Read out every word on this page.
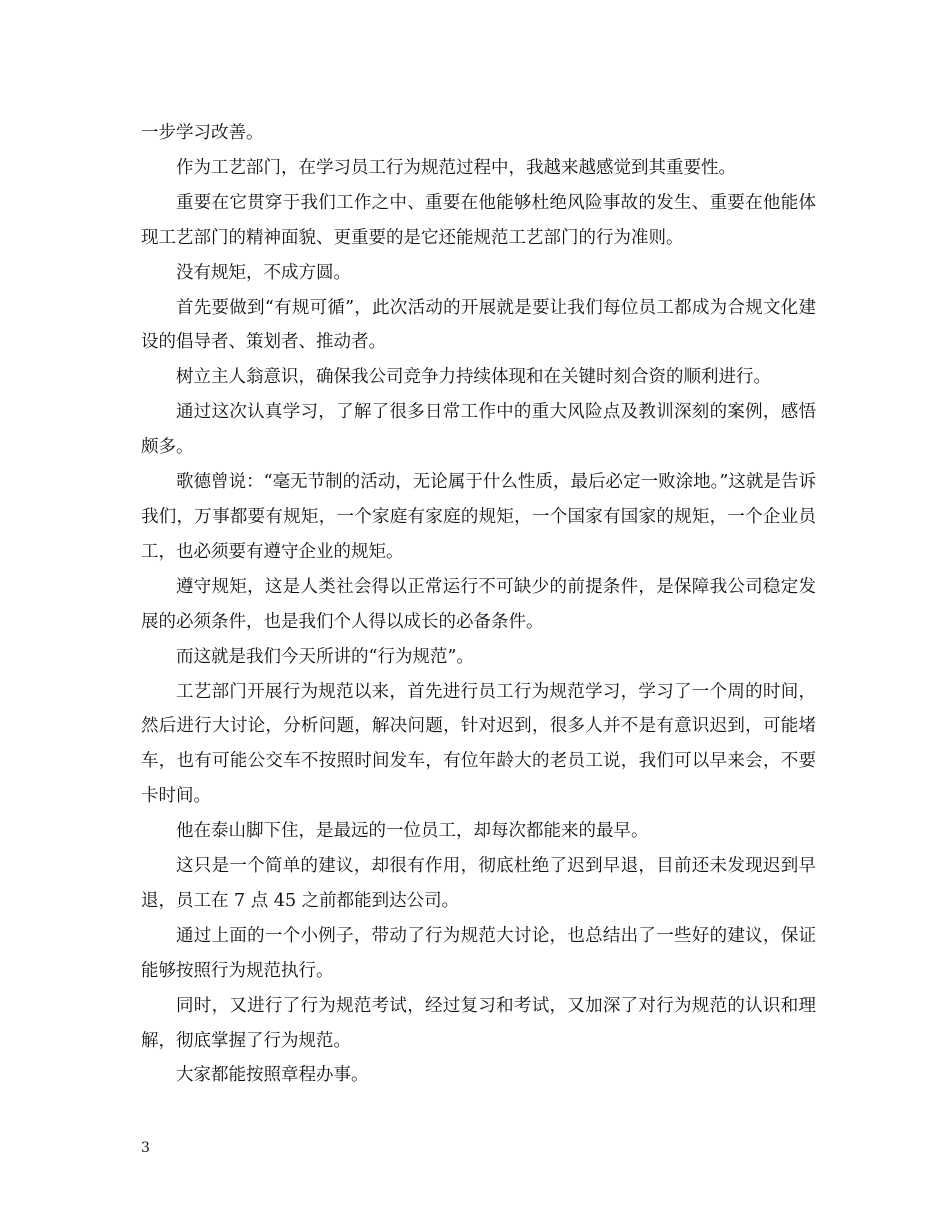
一步学习改善。

作为工艺部门，在学习员工行为规范过程中，我越来越感觉到其重要性。

重要在它贯穿于我们工作之中、重要在他能够杜绝风险事故的发生、重要在他能体现工艺部门的精神面貌、更重要的是它还能规范工艺部门的行为准则。

没有规矩，不成方圆。

首先要做到“有规可循”，此次活动的开展就是要让我们每位员工都成为合规文化建设的倡导者、策划者、推动者。

树立主人翁意识，确保我公司竞争力持续体现和在关键时刻合资的顺利进行。

通过这次认真学习，了解了很多日常工作中的重大风险点及教训深刻的案例，感悟颇多。

歌德曾说：“毫无节制的活动，无论属于什么性质，最后必定一败涂地。”这就是告诉我们，万事都要有规矩，一个家庭有家庭的规矩，一个国家有国家的规矩，一个企业员工，也必须要有遵守企业的规矩。

遵守规矩，这是人类社会得以正常运行不可缺少的前提条件，是保障我公司稳定发展的必须条件，也是我们个人得以成长的必备条件。

而这就是我们今天所讲的“行为规范”。

工艺部门开展行为规范以来，首先进行员工行为规范学习，学习了一个周的时间，然后进行大讨论，分析问题，解决问题，针对迟到，很多人并不是有意识迟到，可能堵车，也有可能公交车不按照时间发车，有位年龄大的老员工说，我们可以早来会，不要卡时间。

他在泰山脚下住，是最远的一位员工，却每次都能来的最早。

这只是一个简单的建议，却很有作用，彻底杜绝了迟到早退，目前还未发现迟到早退，员工在 7 点 45 之前都能到达公司。

通过上面的一个小例子，带动了行为规范大讨论，也总结出了一些好的建议，保证能够按照行为规范执行。

同时，又进行了行为规范考试，经过复习和考试，又加深了对行为规范的认识和理解，彻底掌握了行为规范。

大家都能按照章程办事。

3
